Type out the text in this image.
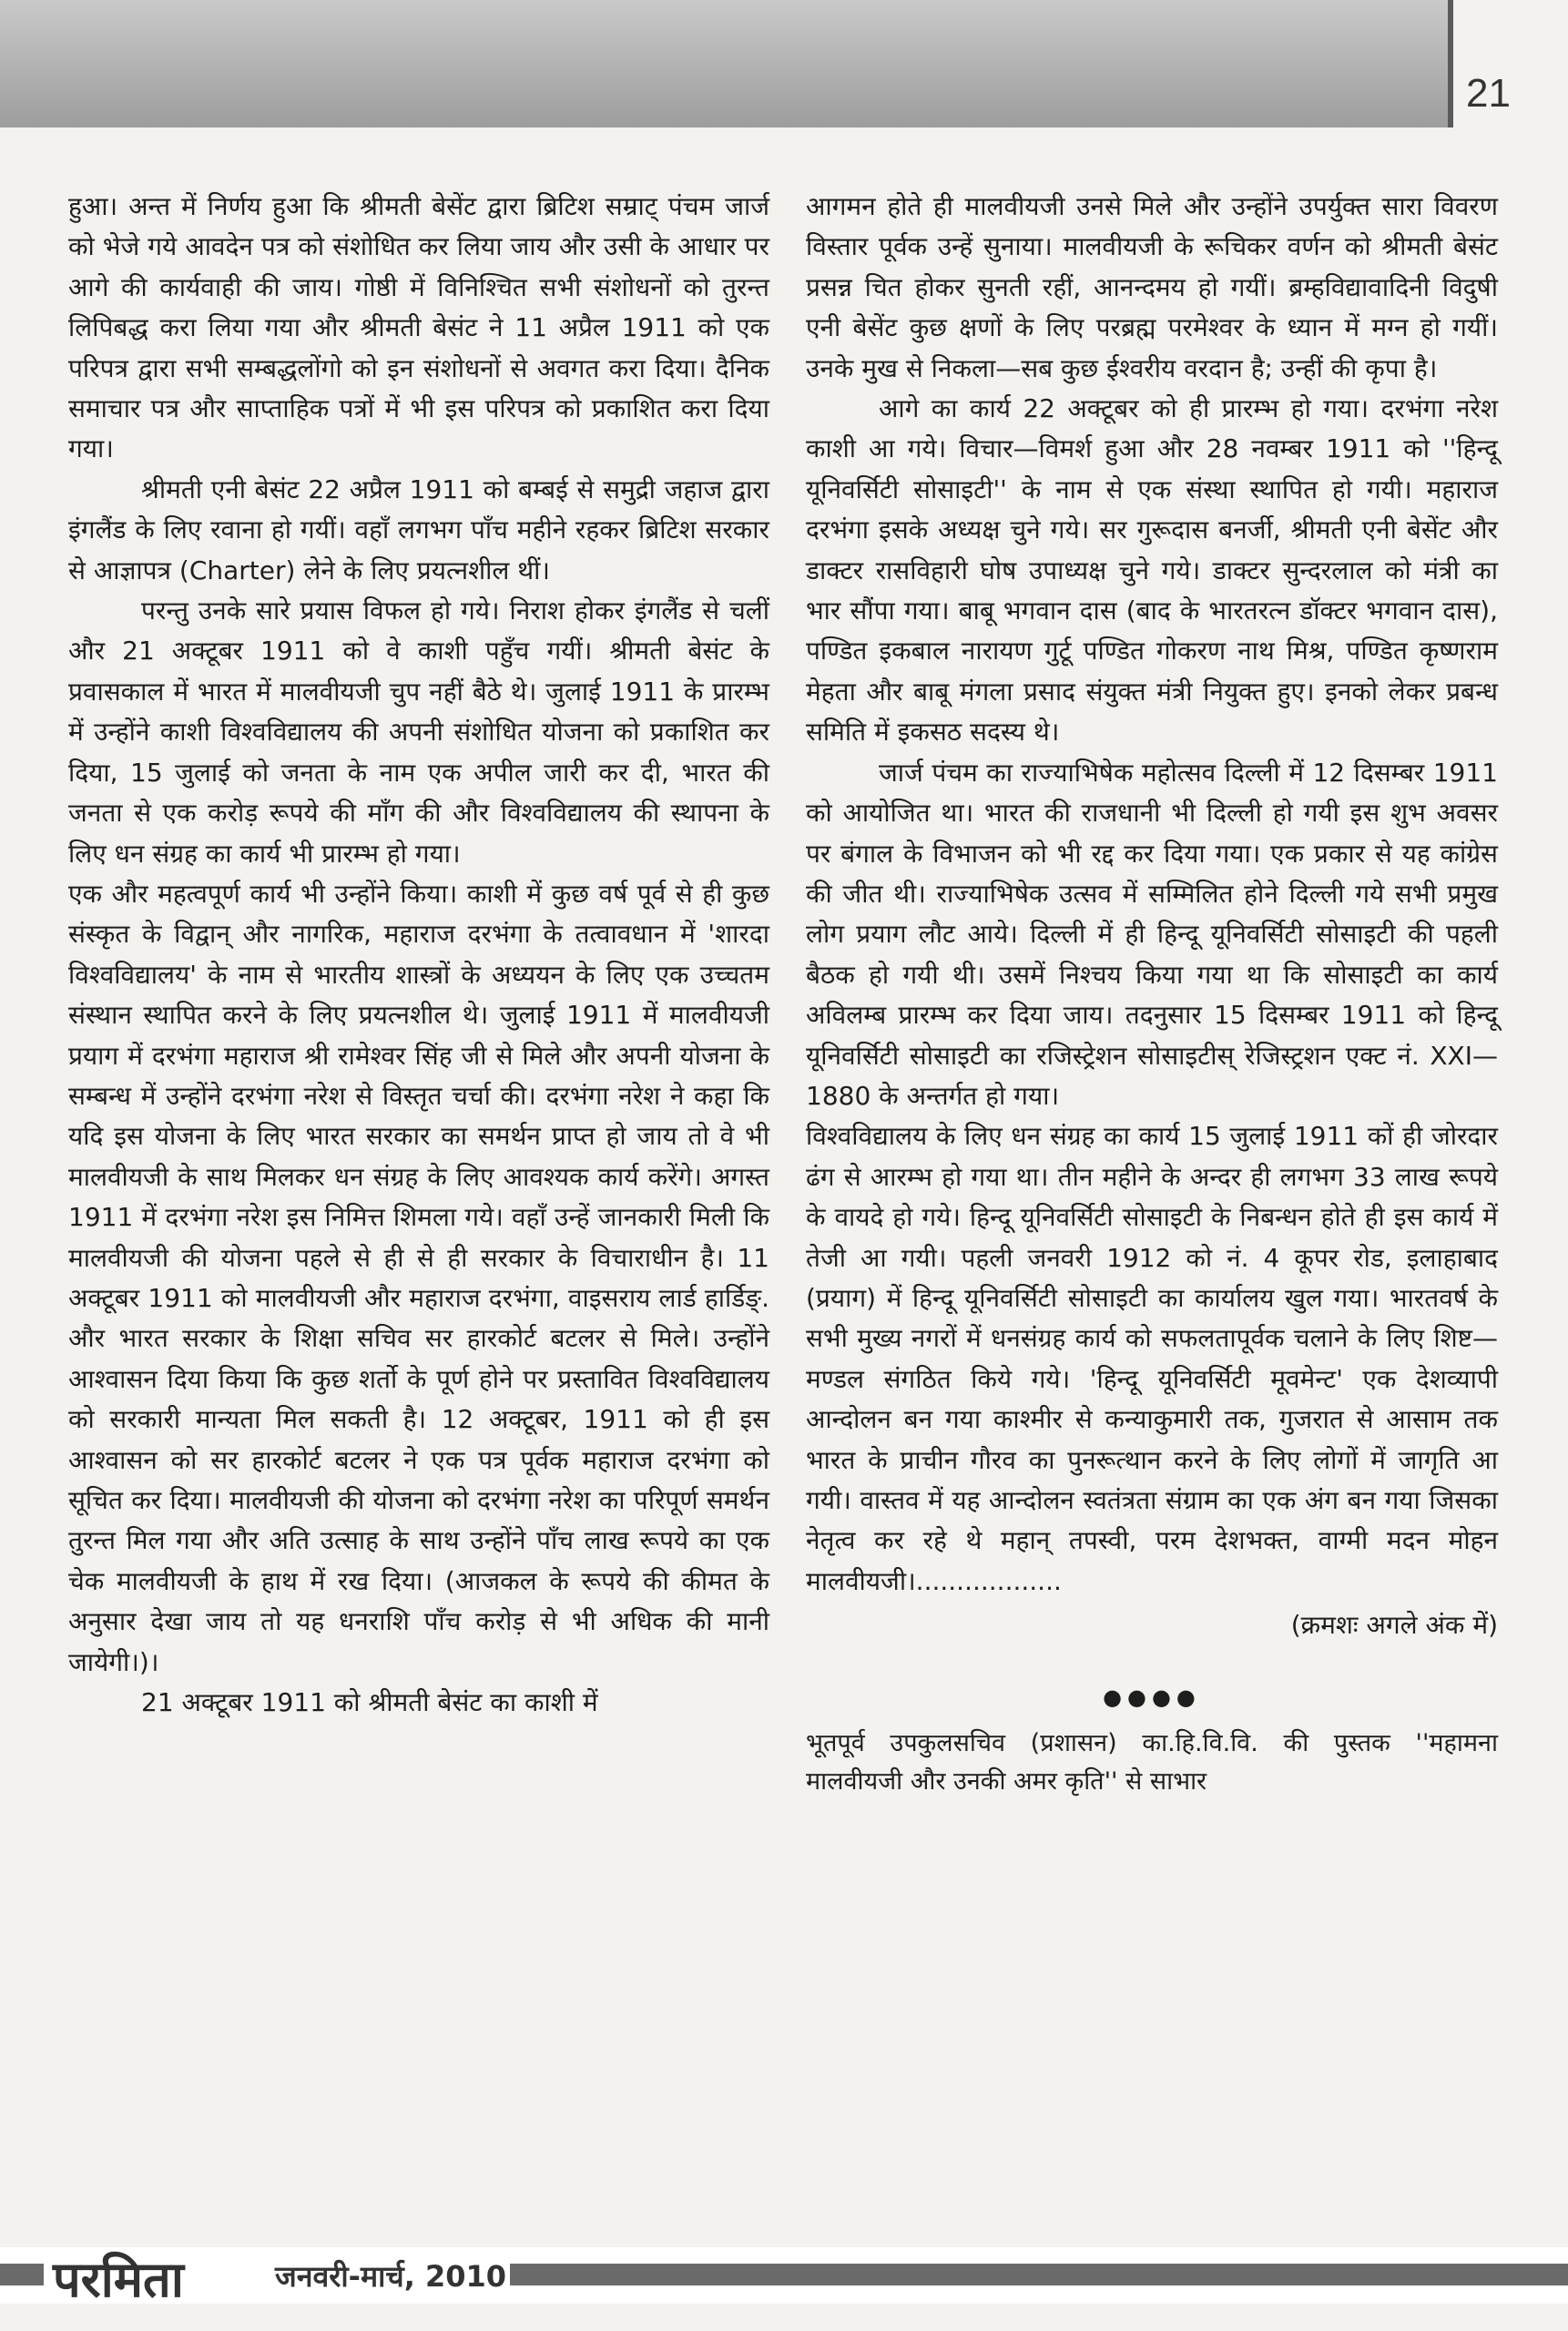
21

हुआ। अन्त में निर्णय हुआ कि श्रीमती बेसेंट द्वारा ब्रिटिश सम्राट् पंचम जार्ज को भेजे गये आवदेन पत्र को संशोधित कर लिया जाय और उसी के आधार पर आगे की कार्यवाही की जाय। गोष्ठी में विनिश्चित सभी संशोधनों को तुरन्त लिपिबद्ध करा लिया गया और श्रीमती बेसंट ने 11 अप्रैल 1911 को एक परिपत्र द्वारा सभी सम्बद्धलोंगो को इन संशोधनों से अवगत करा दिया। दैनिक समाचार पत्र और साप्ताहिक पत्रों में भी इस परिपत्र को प्रकाशित करा दिया गया।

श्रीमती एनी बेसंट 22 अप्रैल 1911 को बम्बई से समुद्री जहाज द्वारा इंगलैंड के लिए रवाना हो गयीं। वहाँ लगभग पाँच महीने रहकर ब्रिटिश सरकार से आज्ञापत्र (Charter) लेने के लिए प्रयत्नशील थीं।

परन्तु उनके सारे प्रयास विफल हो गये। निराश होकर इंगलैंड से चलीं और 21 अक्टूबर 1911 को वे काशी पहुँच गयीं। श्रीमती बेसंट के प्रवासकाल में भारत में मालवीयजी चुप नहीं बैठे थे। जुलाई 1911 के प्रारम्भ में उन्होंने काशी विश्वविद्यालय की अपनी संशोधित योजना को प्रकाशित कर दिया, 15 जुलाई को जनता के नाम एक अपील जारी कर दी, भारत की जनता से एक करोड़ रूपये की माँग की और विश्वविद्यालय की स्थापना के लिए धन संग्रह का कार्य भी प्रारम्भ हो गया।

एक और महत्वपूर्ण कार्य भी उन्होंने किया। काशी में कुछ वर्ष पूर्व से ही कुछ संस्कृत के विद्वान् और नागरिक, महाराज दरभंगा के तत्वावधान में 'शारदा विश्वविद्यालय' के नाम से भारतीय शास्त्रों के अध्ययन के लिए एक उच्चतम संस्थान स्थापित करने के लिए प्रयत्नशील थे। जुलाई 1911 में मालवीयजी प्रयाग में दरभंगा महाराज श्री रामेश्वर सिंह जी से मिले और अपनी योजना के सम्बन्ध में उन्होंने दरभंगा नरेश से विस्तृत चर्चा की। दरभंगा नरेश ने कहा कि यदि इस योजना के लिए भारत सरकार का समर्थन प्राप्त हो जाय तो वे भी मालवीयजी के साथ मिलकर धन संग्रह के लिए आवश्यक कार्य करेंगे। अगस्त 1911 में दरभंगा नरेश इस निमित्त शिमला गये। वहाँ उन्हें जानकारी मिली कि मालवीयजी की योजना पहले से ही से ही सरकार के विचाराधीन है। 11 अक्टूबर 1911 को मालवीयजी और महाराज दरभंगा, वाइसराय लार्ड हार्डिङ्. और भारत सरकार के शिक्षा सचिव सर हारकोर्ट बटलर से मिले। उन्होंने आश्वासन दिया किया कि कुछ शर्तो के पूर्ण होने पर प्रस्तावित विश्वविद्यालय को सरकारी मान्यता मिल सकती है। 12 अक्टूबर, 1911 को ही इस आश्वासन को सर हारकोर्ट बटलर ने एक पत्र पूर्वक महाराज दरभंगा को सूचित कर दिया। मालवीयजी की योजना को दरभंगा नरेश का परिपूर्ण समर्थन तुरन्त मिल गया और अति उत्साह के साथ उन्होंने पाँच लाख रूपये का एक चेक मालवीयजी के हाथ में रख दिया। (आजकल के रूपये की कीमत के अनुसार देखा जाय तो यह धनराशि पाँच करोड़ से भी अधिक की मानी जायेगी।)।

21 अक्टूबर 1911 को श्रीमती बेसंट का काशी में

आगमन होते ही मालवीयजी उनसे मिले और उन्होंने उपर्युक्त सारा विवरण विस्तार पूर्वक उन्हें सुनाया। मालवीयजी के रूचिकर वर्णन को श्रीमती बेसंट प्रसन्न चित होकर सुनती रहीं, आनन्दमय हो गयीं। ब्रम्हविद्यावादिनी विदुषी एनी बेसेंट कुछ क्षणों के लिए परब्रह्म परमेश्वर के ध्यान में मग्न हो गयीं। उनके मुख से निकला—सब कुछ ईश्वरीय वरदान है; उन्हीं की कृपा है।

आगे का कार्य 22 अक्टूबर को ही प्रारम्भ हो गया। दरभंगा नरेश काशी आ गये। विचार—विमर्श हुआ और 28 नवम्बर 1911 को ''हिन्दू यूनिवर्सिटी सोसाइटी'' के नाम से एक संस्था स्थापित हो गयी। महाराज दरभंगा इसके अध्यक्ष चुने गये। सर गुरूदास बनर्जी, श्रीमती एनी बेसेंट और डाक्टर रासविहारी घोष उपाध्यक्ष चुने गये। डाक्टर सुन्दरलाल को मंत्री का भार सौंपा गया। बाबू भगवान दास (बाद के भारतरत्न डॉक्टर भगवान दास), पण्डित इकबाल नारायण गुर्टू पण्डित गोकरण नाथ मिश्र, पण्डित कृष्णराम मेहता और बाबू मंगला प्रसाद संयुक्त मंत्री नियुक्त हुए। इनको लेकर प्रबन्ध समिति में इकसठ सदस्य थे।

जार्ज पंचम का राज्याभिषेक महोत्सव दिल्ली में 12 दिसम्बर 1911 को आयोजित था। भारत की राजधानी भी दिल्ली हो गयी इस शुभ अवसर पर बंगाल के विभाजन को भी रद्द कर दिया गया। एक प्रकार से यह कांग्रेस की जीत थी। राज्याभिषेक उत्सव में सम्मिलित होने दिल्ली गये सभी प्रमुख लोग प्रयाग लौट आये। दिल्ली में ही हिन्दू यूनिवर्सिटी सोसाइटी की पहली बैठक हो गयी थी। उसमें निश्चय किया गया था कि सोसाइटी का कार्य अविलम्ब प्रारम्भ कर दिया जाय। तदनुसार 15 दिसम्बर 1911 को हिन्दू यूनिवर्सिटी सोसाइटी का रजिस्ट्रेशन सोसाइटीस् रेजिस्ट्रशन एक्ट नं. XXI—1880 के अन्तर्गत हो गया।

विश्वविद्यालय के लिए धन संग्रह का कार्य 15 जुलाई 1911 कों ही जोरदार ढंग से आरम्भ हो गया था। तीन महीने के अन्दर ही लगभग 33 लाख रूपये के वायदे हो गये। हिन्दू यूनिवर्सिटी सोसाइटी के निबन्धन होते ही इस कार्य में तेजी आ गयी। पहली जनवरी 1912 को नं. 4 कूपर रोड, इलाहाबाद (प्रयाग) में हिन्दू यूनिवर्सिटी सोसाइटी का कार्यालय खुल गया। भारतवर्ष के सभी मुख्य नगरों में धनसंग्रह कार्य को सफलतापूर्वक चलाने के लिए शिष्ट—मण्डल संगठित किये गये। 'हिन्दू यूनिवर्सिटी मूवमेन्ट' एक देशव्यापी आन्दोलन बन गया काश्मीर से कन्याकुमारी तक, गुजरात से आसाम तक भारत के प्राचीन गौरव का पुनरूत्थान करने के लिए लोगों में जागृति आ गयी। वास्तव में यह आन्दोलन स्वतंत्रता संग्राम का एक अंग बन गया जिसका नेतृत्व कर रहे थे महान् तपस्वी, परम देशभक्त, वाग्मी मदन मोहन मालवीयजी।..................

(क्रमशः अगले अंक में)

●●●●

भूतपूर्व उपकुलसचिव (प्रशासन) का.हि.वि.वि. की पुस्तक ''महामना मालवीयजी और उनकी अमर कृति'' से साभार

परमिता	जनवरी-मार्च, 2010
